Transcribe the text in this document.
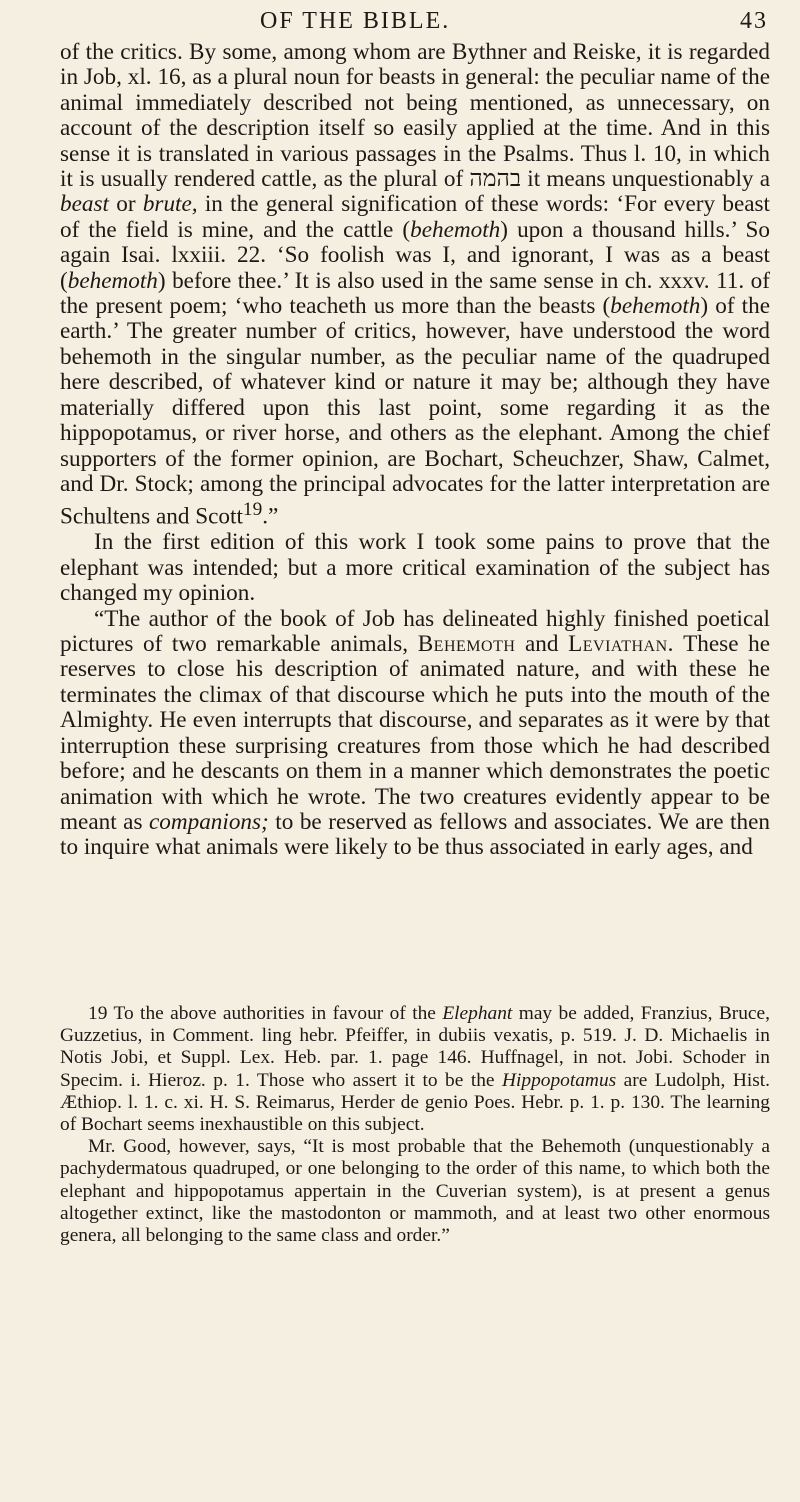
OF THE BIBLE.	43

of the critics. By some, among whom are Bythner and Reiske, it is regarded in Job, xl. 16, as a plural noun for beasts in general: the peculiar name of the animal immediately described not being mentioned, as unnecessary, on account of the description itself so easily applied at the time. And in this sense it is translated in various passages in the Psalms. Thus l. 10, in which it is usually rendered cattle, as the plural of בהמה it means unquestionably a beast or brute, in the general signification of these words: ‘For every beast of the field is mine, and the cattle (behemoth) upon a thousand hills.’ So again Isai. lxxiii. 22. ‘So foolish was I, and ignorant, I was as a beast (behemoth) before thee.’ It is also used in the same sense in ch. xxxv. 11. of the present poem; ‘who teacheth us more than the beasts (behemoth) of the earth.’ The greater number of critics, however, have understood the word behemoth in the singular number, as the peculiar name of the quadruped here described, of whatever kind or nature it may be; although they have materially differed upon this last point, some regarding it as the hippopotamus, or river horse, and others as the elephant. Among the chief supporters of the former opinion, are Bochart, Scheuchzer, Shaw, Calmet, and Dr. Stock; among the principal advocates for the latter interpretation are Schultens and Scott$^{19}$.”

In the first edition of this work I took some pains to prove that the elephant was intended; but a more critical examination of the subject has changed my opinion.

“The author of the book of Job has delineated highly finished poetical pictures of two remarkable animals, Behemoth and Leviathan. These he reserves to close his description of animated nature, and with these he terminates the climax of that discourse which he puts into the mouth of the Almighty. He even interrupts that discourse, and separates as it were by that interruption these surprising creatures from those which he had described before; and he descants on them in a manner which demonstrates the poetic animation with which he wrote. The two creatures evidently appear to be meant as companions; to be reserved as fellows and associates. We are then to inquire what animals were likely to be thus associated in early ages, and

19 To the above authorities in favour of the Elephant may be added, Franzius, Bruce, Guzzetius, in Comment. ling hebr. Pfeiffer, in dubiis vexatis, p. 519. J. D. Michaelis in Notis Jobi, et Suppl. Lex. Heb. par. 1. page 146. Huffnagel, in not. Jobi. Schoder in Specim. i. Hieroz. p. 1. Those who assert it to be the Hippopotamus are Ludolph, Hist. Æthiop. l. 1. c. xi. H. S. Reimarus, Herder de genio Poes. Hebr. p. 1. p. 130. The learning of Bochart seems inexhaustible on this subject.

Mr. Good, however, says, “It is most probable that the Behemoth (unquestionably a pachydermatous quadruped, or one belonging to the order of this name, to which both the elephant and hippopotamus appertain in the Cuverian system), is at present a genus altogether extinct, like the mastodonton or mammoth, and at least two other enormous genera, all belonging to the same class and order.”
